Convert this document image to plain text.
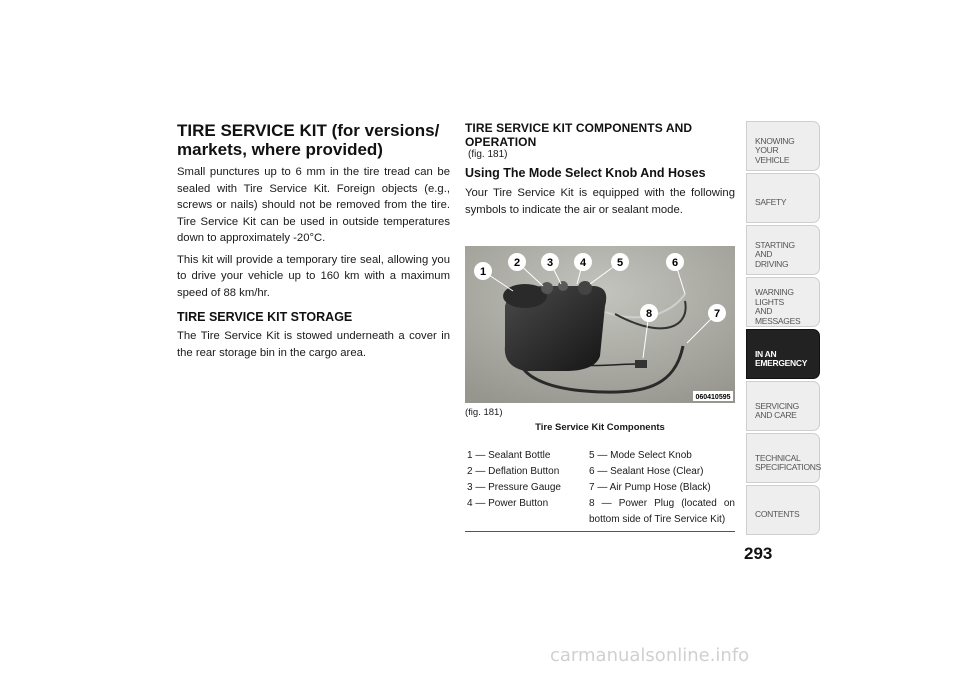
TIRE SERVICE KIT (for versions/ markets, where provided)

Small punctures up to 6 mm in the tire tread can be sealed with Tire Service Kit. Foreign objects (e.g., screws or nails) should not be removed from the tire. Tire Service Kit can be used in outside temperatures down to approximately -20°C.

This kit will provide a temporary tire seal, allowing you to drive your vehicle up to 160 km with a maximum speed of 88 km/hr.

TIRE SERVICE KIT STORAGE

The Tire Service Kit is stowed underneath a cover in the rear storage bin in the cargo area.

TIRE SERVICE KIT COMPONENTS AND OPERATION
(fig. 181)
Using The Mode Select Knob And Hoses

Your Tire Service Kit is equipped with the following symbols to indicate the air or sealant mode.

1
2 3 4	5	6
7
8
060410595
(fig. 181)
Tire Service Kit Components
1 — Sealant Bottle	5 — Mode Select Knob
2 — Deflation Button	6 — Sealant Hose (Clear)
3 — Pressure Gauge	7 — Air Pump Hose (Black)
4 — Power Button	8 — Power Plug (located on bottom side of Tire Service Kit)
KNOWING
YOUR
VEHICLE
SAFETY
STARTING
AND
DRIVING
WARNING
LIGHTS
AND
MESSAGES
IN AN
EMERGENCY
SERVICING
AND CARE
TECHNICAL
SPECIFICATIONS
CONTENTS
293
carmanualsonline.info
